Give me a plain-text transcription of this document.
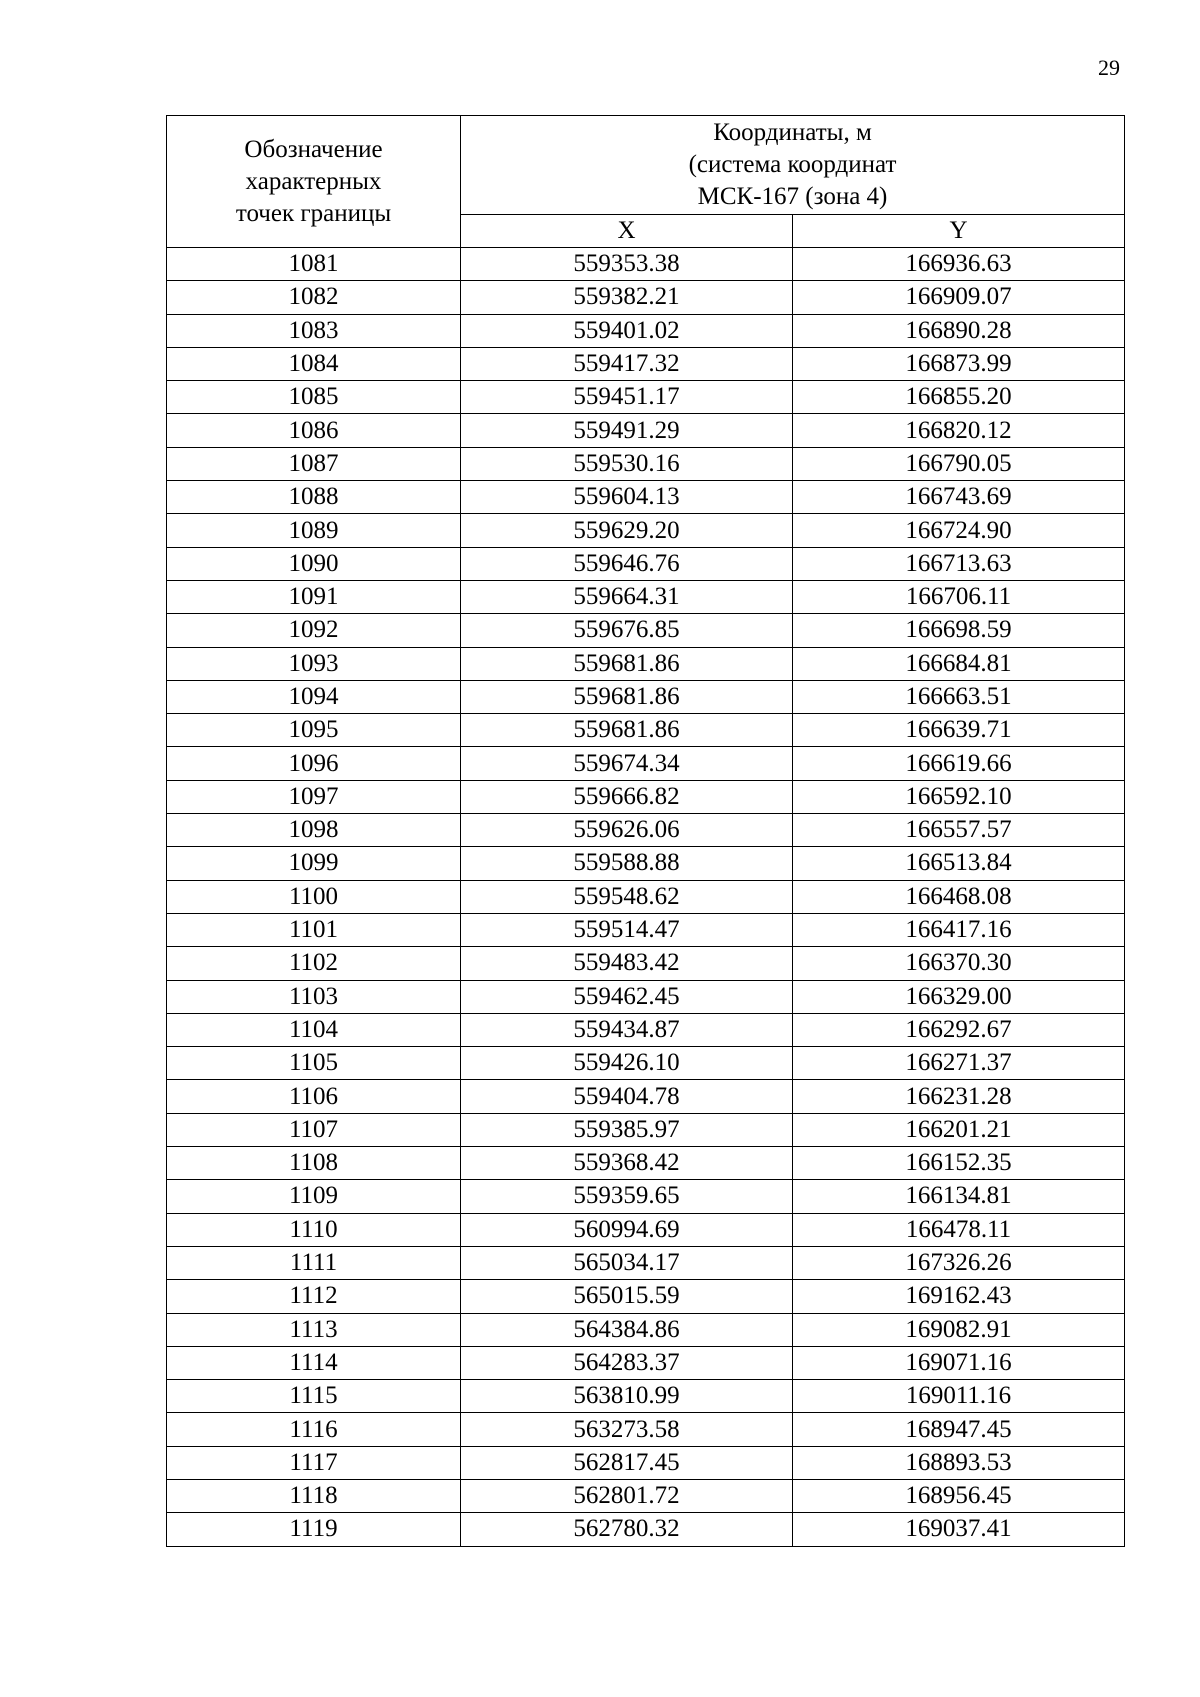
29
Обозначение
характерных
точек границы	Координаты, м
(система координат
МСК-167 (зона 4)	

	X	Y
1081	559353.38	166936.63
1082	559382.21	166909.07
1083	559401.02	166890.28
1084	559417.32	166873.99
1085	559451.17	166855.20
1086	559491.29	166820.12
1087	559530.16	166790.05
1088	559604.13	166743.69
1089	559629.20	166724.90
1090	559646.76	166713.63
1091	559664.31	166706.11
1092	559676.85	166698.59
1093	559681.86	166684.81
1094	559681.86	166663.51
1095	559681.86	166639.71
1096	559674.34	166619.66
1097	559666.82	166592.10
1098	559626.06	166557.57
1099	559588.88	166513.84
1100	559548.62	166468.08
1101	559514.47	166417.16
1102	559483.42	166370.30
1103	559462.45	166329.00
1104	559434.87	166292.67
1105	559426.10	166271.37
1106	559404.78	166231.28
1107	559385.97	166201.21
1108	559368.42	166152.35
1109	559359.65	166134.81
1110	560994.69	166478.11
1111	565034.17	167326.26
1112	565015.59	169162.43
1113	564384.86	169082.91
1114	564283.37	169071.16
1115	563810.99	169011.16
1116	563273.58	168947.45
1117	562817.45	168893.53
1118	562801.72	168956.45
1119	562780.32	169037.41
